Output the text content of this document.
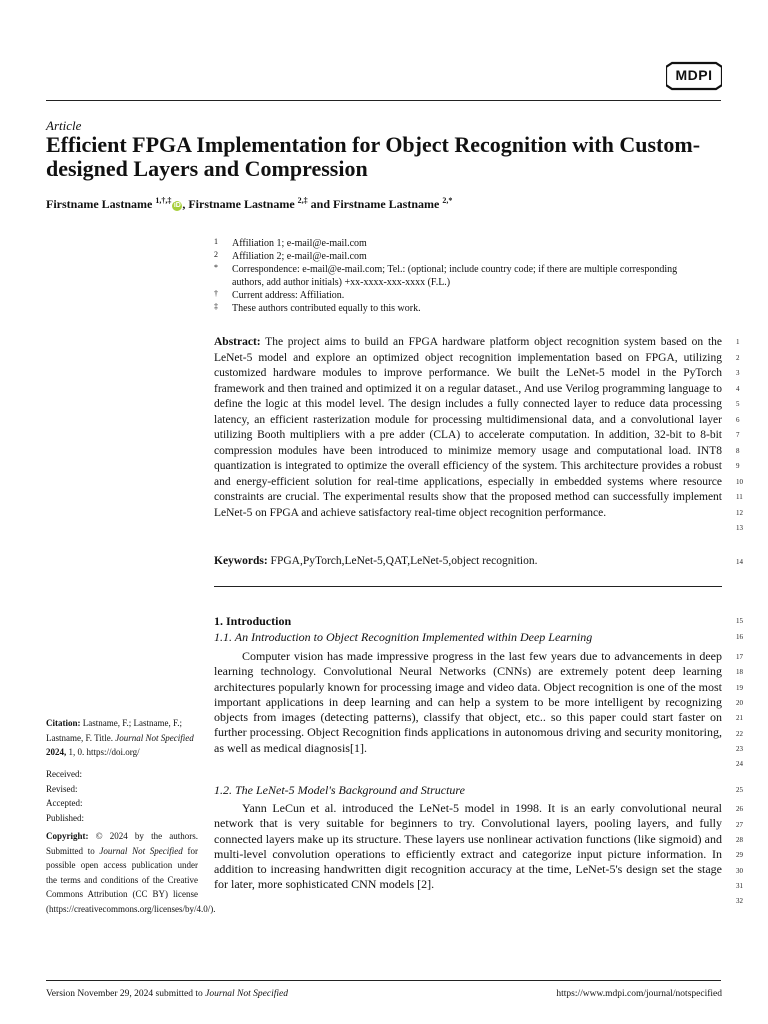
MDPI
Article
Efficient FPGA Implementation for Object Recognition with Custom-designed Layers and Compression
Firstname Lastname $^{1,\dagger,\ddagger}$iD , Firstname Lastname $^{2,\ddagger}$ and Firstname Lastname $^{2,*}$
1	Affiliation 1; e-mail@e-mail.com
2	Affiliation 2; e-mail@e-mail.com
*	Correspondence: e-mail@e-mail.com; Tel.: (optional; include country code; if there are multiple corresponding authors, add author initials) +xx-xxxx-xxx-xxxx (F.L.)
†	Current address: Affiliation.
‡	These authors contributed equally to this work.
Abstract: The project aims to build an FPGA hardware platform object recognition system based on the LeNet-5 model and explore an optimized object recognition implementation based on FPGA, utilizing customized hardware modules to improve performance. We built the LeNet-5 model in the PyTorch framework and then trained and optimized it on a regular dataset., And use Verilog programming language to define the logic at this model level. The design includes a fully connected layer to reduce data processing latency, an efficient rasterization module for processing multidimensional data, and a convolutional layer utilizing Booth multipliers with a pre adder (CLA) to accelerate computation. In addition, 32-bit to 8-bit compression modules have been introduced to minimize memory usage and computational load. INT8 quantization is integrated to optimize the overall efficiency of the system. This architecture provides a robust and energy-efficient solution for real-time applications, especially in embedded systems where resource constraints are crucial. The experimental results show that the proposed method can successfully implement LeNet-5 on FPGA and achieve satisfactory real-time object recognition performance.
Keywords: FPGA,PyTorch,LeNet-5,QAT,LeNet-5,object recognition.
1
2
3
4
5
6
7
8
9
10
11
12
13
14
15
16
17
18
19
20
21
22
23
24
25
26
27
28
29
30
31
32
Citation: Lastname, F.; Lastname, F.; Lastname, F. Title. Journal Not Specified 2024, 1, 0. https://doi.org/
Received:
Revised:
Accepted:
Published:
Copyright: © 2024 by the authors. Submitted to Journal Not Specified for possible open access publication under the terms and conditions of the Creative Commons Attribution (CC BY) license (https://creativecommons.org/licenses/by/4.0/).
1. Introduction
1.1. An Introduction to Object Recognition Implemented within Deep Learning

Computer vision has made impressive progress in the last few years due to advancements in deep learning technology. Convolutional Neural Networks (CNNs) are extremely potent deep learning architectures popularly known for processing image and video data. Object recognition is one of the most important applications in deep learning and can help a system to be more intelligent by recognizing objects from images (detecting patterns), classify that object, etc.. so this paper could start faster on further processing. Object Recognition finds applications in autonomous driving and security monitoring, as well as medical diagnosis[1].

1.2. The LeNet-5 Model's Background and Structure

Yann LeCun et al. introduced the LeNet-5 model in 1998. It is an early convolutional neural network that is very suitable for beginners to try. Convolutional layers, pooling layers, and fully connected layers make up its structure. These layers use nonlinear activation functions (like sigmoid) and multi-level convolution operations to efficiently extract and categorize input picture information. In addition to increasing handwritten digit recognition accuracy at the time, LeNet-5's design set the stage for later, more sophisticated CNN models [2].

Version November 29, 2024 submitted to Journal Not Specified	https://www.mdpi.com/journal/notspecified
